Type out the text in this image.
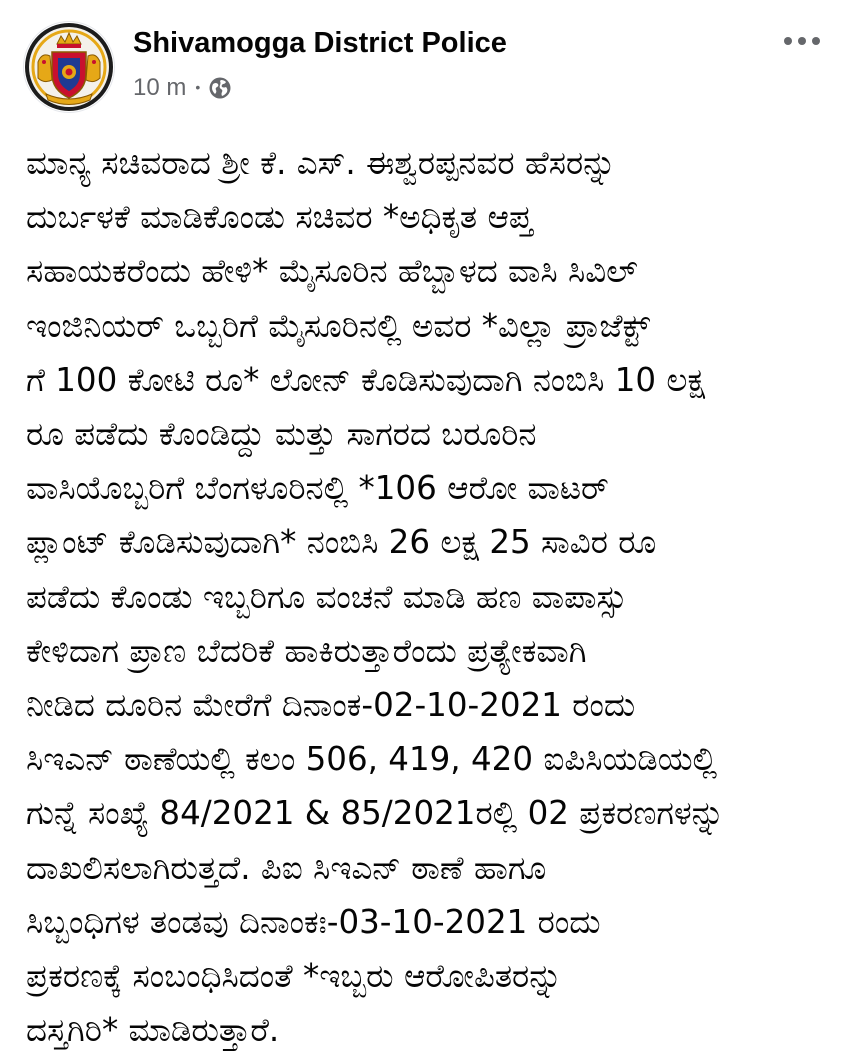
Shivamogga District Police
10 m •
ಮಾನ್ಯ ಸಚಿವರಾದ ಶ್ರೀ ಕೆ. ಎಸ್. ಈಶ್ವರಪ್ಪನವರ ಹೆಸರನ್ನು
ದುರ್ಬಳಕೆ ಮಾಡಿಕೊಂಡು ಸಚಿವರ *ಅಧಿಕೃತ ಆಪ್ತ
ಸಹಾಯಕರೆಂದು ಹೇಳಿ* ಮೈಸೂರಿನ ಹೆಬ್ಬಾಳದ ವಾಸಿ ಸಿವಿಲ್
ಇಂಜಿನಿಯರ್ ಒಬ್ಬರಿಗೆ ಮೈಸೂರಿನಲ್ಲಿ ಅವರ *ವಿಲ್ಲಾ ಪ್ರಾಜೆಕ್ಟ್
ಗೆ 100 ಕೋಟಿ ರೂ* ಲೋನ್ ಕೊಡಿಸುವುದಾಗಿ ನಂಬಿಸಿ 10 ಲಕ್ಷ
ರೂ ಪಡೆದು ಕೊಂಡಿದ್ದು ಮತ್ತು ಸಾಗರದ ಬರೂರಿನ
ವಾಸಿಯೊಬ್ಬರಿಗೆ ಬೆಂಗಳೂರಿನಲ್ಲಿ *106 ಆರೋ ವಾಟರ್
ಪ್ಲಾಂಟ್ ಕೊಡಿಸುವುದಾಗಿ* ನಂಬಿಸಿ 26 ಲಕ್ಷ 25 ಸಾವಿರ ರೂ
ಪಡೆದು ಕೊಂಡು ಇಬ್ಬರಿಗೂ ವಂಚನೆ ಮಾಡಿ ಹಣ ವಾಪಾಸ್ಸು
ಕೇಳಿದಾಗ ಪ್ರಾಣ ಬೆದರಿಕೆ ಹಾಕಿರುತ್ತಾರೆಂದು ಪ್ರತ್ಯೇಕವಾಗಿ
ನೀಡಿದ ದೂರಿನ ಮೇರೆಗೆ ದಿನಾಂಕ-02-10-2021 ರಂದು
ಸಿಇಎನ್ ಠಾಣೆಯಲ್ಲಿ ಕಲಂ 506, 419, 420 ಐಪಿಸಿಯಡಿಯಲ್ಲಿ
ಗುನ್ನೆ ಸಂಖ್ಯೆ 84/2021 & 85/2021ರಲ್ಲಿ 02 ಪ್ರಕರಣಗಳನ್ನು
ದಾಖಲಿಸಲಾಗಿರುತ್ತದೆ. ಪಿಐ ಸಿಇಎನ್ ಠಾಣೆ ಹಾಗೂ
ಸಿಬ್ಬಂಧಿಗಳ ತಂಡವು ದಿನಾಂಕಃ-03-10-2021 ರಂದು
ಪ್ರಕರಣಕ್ಕೆ ಸಂಬಂಧಿಸಿದಂತೆ *ಇಬ್ಬರು ಆರೋಪಿತರನ್ನು
ದಸ್ತಗಿರಿ* ಮಾಡಿರುತ್ತಾರೆ.
